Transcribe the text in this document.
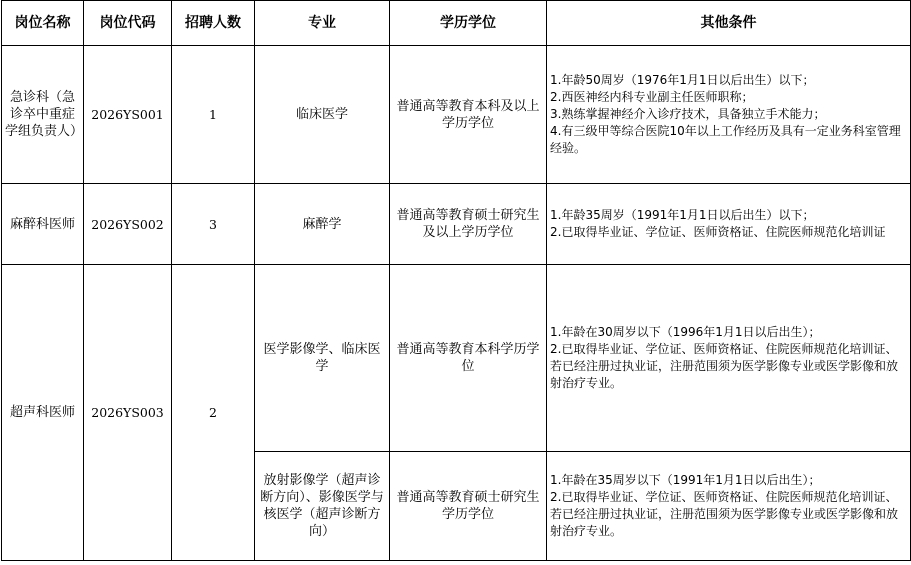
岗位名称	岗位代码	招聘人数	专业	学历学位	其他条件
急诊科（急诊卒中重症学组负责人）	2026YS001	1	临床医学	普通高等教育本科及以上学历学位	1.年龄50周岁（1976年1月1日以后出生）以下；
2.西医神经内科专业副主任医师职称；
3.熟练掌握神经介入诊疗技术，具备独立手术能力；
4.有三级甲等综合医院10年以上工作经历及具有一定业务科室管理经验。

麻醉科医师	2026YS002	3	麻醉学	普通高等教育硕士研究生及以上学历学位	1.年龄35周岁（1991年1月1日以后出生）以下；
2.已取得毕业证、学位证、医师资格证、住院医师规范化培训证

超声科医师	2026YS003	2	医学影像学、临床医学	普通高等教育本科学历学位	1.年龄在30周岁以下（1996年1月1日以后出生）；
2.已取得毕业证、学位证、医师资格证、住院医师规范化培训证、若已经注册过执业证，注册范围须为医学影像专业或医学影像和放射治疗专业。

			放射影像学（超声诊断方向）、影像医学与核医学（超声诊断方向）	普通高等教育硕士研究生学历学位	1.年龄在35周岁以下（1991年1月1日以后出生）；
2.已取得毕业证、学位证、医师资格证、住院医师规范化培训证、若已经注册过执业证，注册范围须为医学影像专业或医学影像和放射治疗专业。
